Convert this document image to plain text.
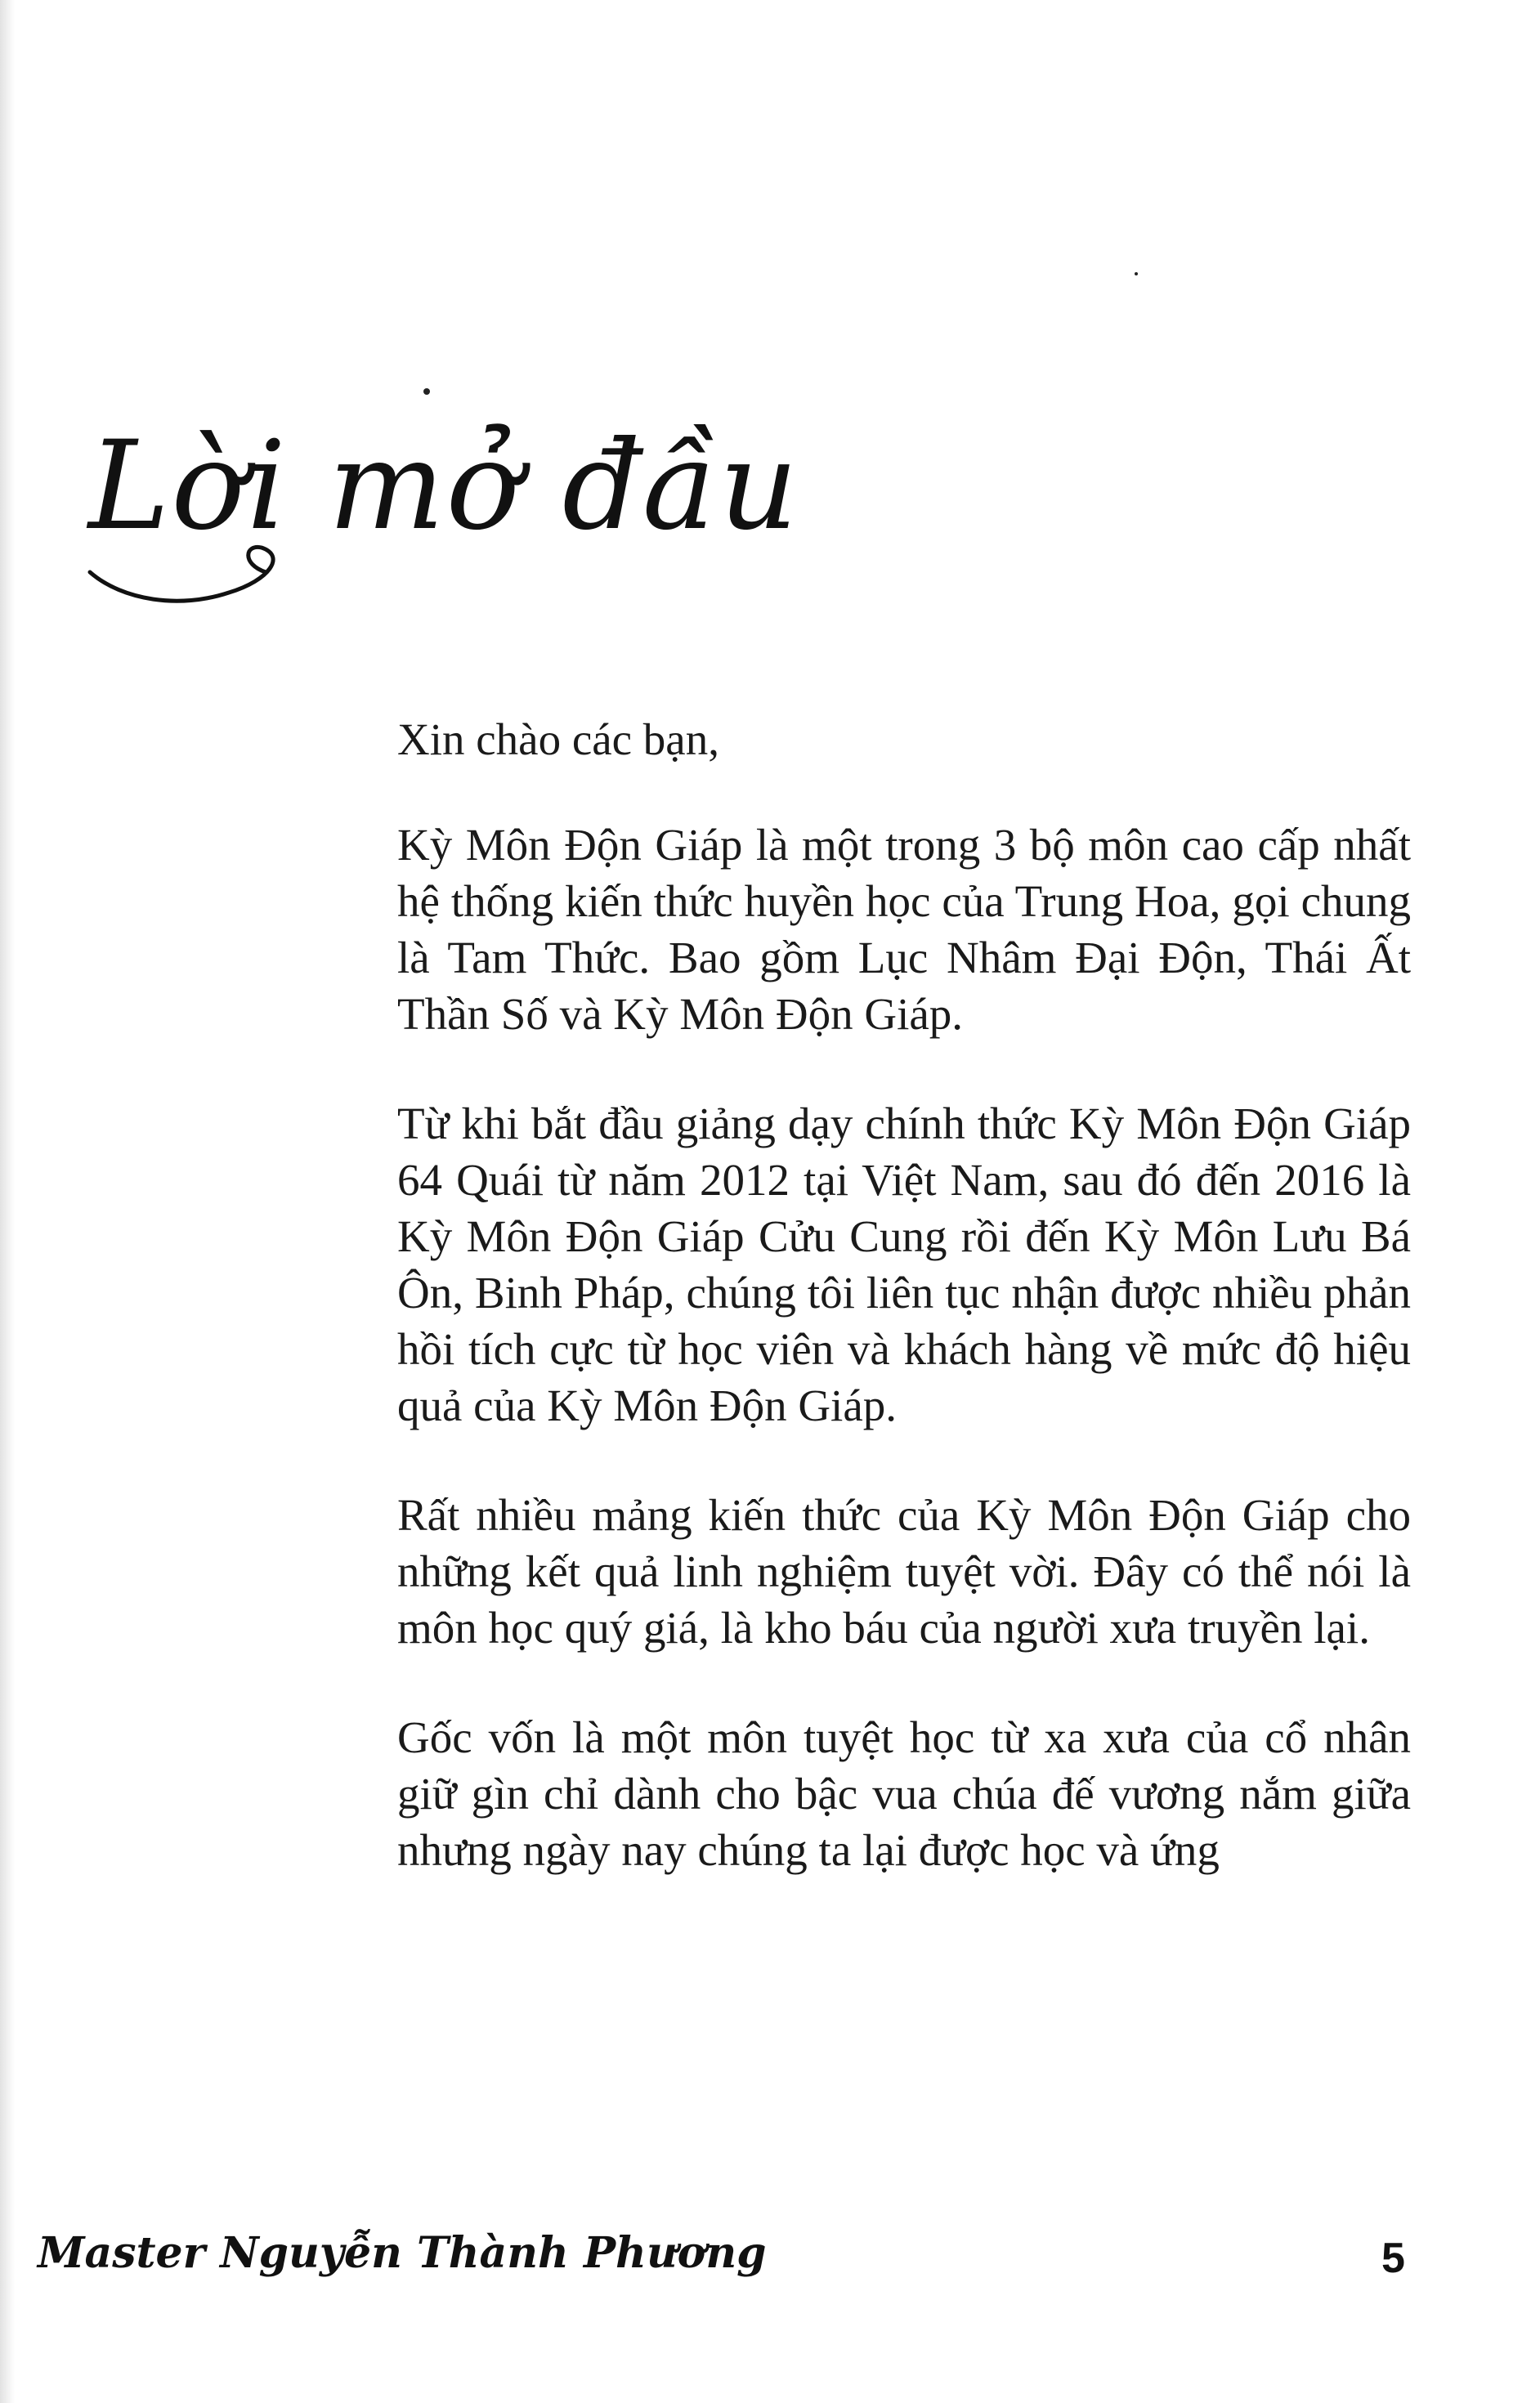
Lời mở đầu

Xin chào các bạn,

Kỳ Môn Độn Giáp là một trong 3 bộ môn cao cấp nhất hệ thống kiến thức huyền học của Trung Hoa, gọi chung là Tam Thức. Bao gồm Lục Nhâm Đại Độn, Thái Ất Thần Số và Kỳ Môn Độn Giáp.

Từ khi bắt đầu giảng dạy chính thức Kỳ Môn Độn Giáp 64 Quái từ năm 2012 tại Việt Nam, sau đó đến 2016 là Kỳ Môn Độn Giáp Cửu Cung rồi đến Kỳ Môn Lưu Bá Ôn, Binh Pháp, chúng tôi liên tục nhận được nhiều phản hồi tích cực từ học viên và khách hàng về mức độ hiệu quả của Kỳ Môn Độn Giáp.

Rất nhiều mảng kiến thức của Kỳ Môn Độn Giáp cho những kết quả linh nghiệm tuyệt vời. Đây có thể nói là môn học quý giá, là kho báu của người xưa truyền lại.

Gốc vốn là một môn tuyệt học từ xa xưa của cổ nhân giữ gìn chỉ dành cho bậc vua chúa đế vương nắm giữa nhưng ngày nay chúng ta lại được học và ứng

Master Nguyễn Thành Phương	5
